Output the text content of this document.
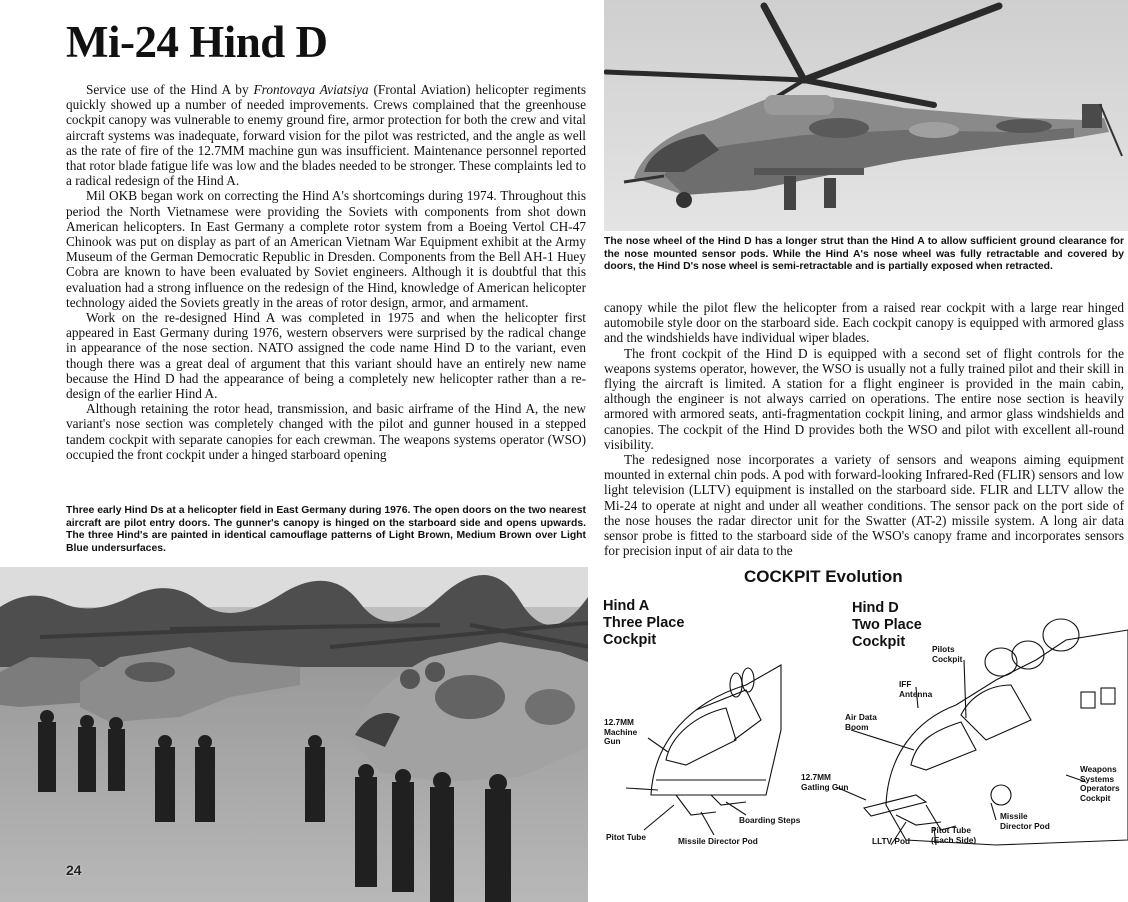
Mi-24 Hind D

Service use of the Hind A by Frontovaya Aviatsiya (Frontal Aviation) helicopter regiments quickly showed up a number of needed improvements. Crews complained that the greenhouse cockpit canopy was vulnerable to enemy ground fire, armor protection for both the crew and vital aircraft systems was inadequate, forward vision for the pilot was restricted, and the angle as well as the rate of fire of the 12.7MM machine gun was insufficient. Maintenance personnel reported that rotor blade fatigue life was low and the blades needed to be stronger. These complaints led to a radical redesign of the Hind A.

Mil OKB began work on correcting the Hind A's shortcomings during 1974. Throughout this period the North Vietnamese were providing the Soviets with components from shot down American helicopters. In East Germany a complete rotor system from a Boeing Vertol CH-47 Chinook was put on display as part of an American Vietnam War Equipment exhibit at the Army Museum of the German Democratic Republic in Dresden. Components from the Bell AH-1 Huey Cobra are known to have been evaluated by Soviet engineers. Although it is doubtful that this evaluation had a strong influence on the redesign of the Hind, knowledge of American helicopter technology aided the Soviets greatly in the areas of rotor design, armor, and armament.

Work on the re-designed Hind A was completed in 1975 and when the helicopter first appeared in East Germany during 1976, western observers were surprised by the radical change in appearance of the nose section. NATO assigned the code name Hind D to the variant, even though there was a great deal of argument that this variant should have an entirely new name because the Hind D had the appearance of being a completely new helicopter rather than a re-design of the earlier Hind A.

Although retaining the rotor head, transmission, and basic airframe of the Hind A, the new variant's nose section was completely changed with the pilot and gunner housed in a stepped tandem cockpit with separate canopies for each crewman. The weapons systems operator (WSO) occupied the front cockpit under a hinged starboard opening

Three early Hind Ds at a helicopter field in East Germany during 1976. The open doors on the two nearest aircraft are pilot entry doors. The gunner's canopy is hinged on the starboard side and opens upwards. The three Hind's are painted in identical camouflage patterns of Light Brown, Medium Brown over Light Blue undersurfaces.
The nose wheel of the Hind D has a longer strut than the Hind A to allow sufficient ground clearance for the nose mounted sensor pods. While the Hind A's nose wheel was fully retractable and covered by doors, the Hind D's nose wheel is semi-retractable and is partially exposed when retracted.

canopy while the pilot flew the helicopter from a raised rear cockpit with a large rear hinged automobile style door on the starboard side. Each cockpit canopy is equipped with armored glass and the windshields have individual wiper blades.

The front cockpit of the Hind D is equipped with a second set of flight controls for the weapons systems operator, however, the WSO is usually not a fully trained pilot and their skill in flying the aircraft is limited. A station for a flight engineer is provided in the main cabin, although the engineer is not always carried on operations. The entire nose section is heavily armored with armored seats, anti-fragmentation cockpit lining, and armor glass windshields and canopies. The cockpit of the Hind D provides both the WSO and pilot with excellent all-round visibility.

The redesigned nose incorporates a variety of sensors and weapons aiming equipment mounted in external chin pods. A pod with forward-looking Infrared-Red (FLIR) sensors and low light television (LLTV) equipment is installed on the starboard side. FLIR and LLTV allow the Mi-24 to operate at night and under all weather conditions. The sensor pack on the port side of the nose houses the radar director unit for the Swatter (AT-2) missile system. A long air data sensor probe is fitted to the starboard side of the WSO's canopy frame and incorporates sensors for precision input of air data to the

24
COCKPIT Evolution
Hind A
Three Place
Cockpit
Hind D
Two Place
Cockpit
12.7MM
Machine
Gun
Boarding Steps
Pitot Tube	Missile Director Pod
Pilots
Cockpit
IFF
Antenna
Air Data
Boom
12.7MM
Gatling Gun
Weapons
Systems
Operators
Cockpit
Missile
Director Pod
Pitot Tube
(Each Side)
LLTV Pod
